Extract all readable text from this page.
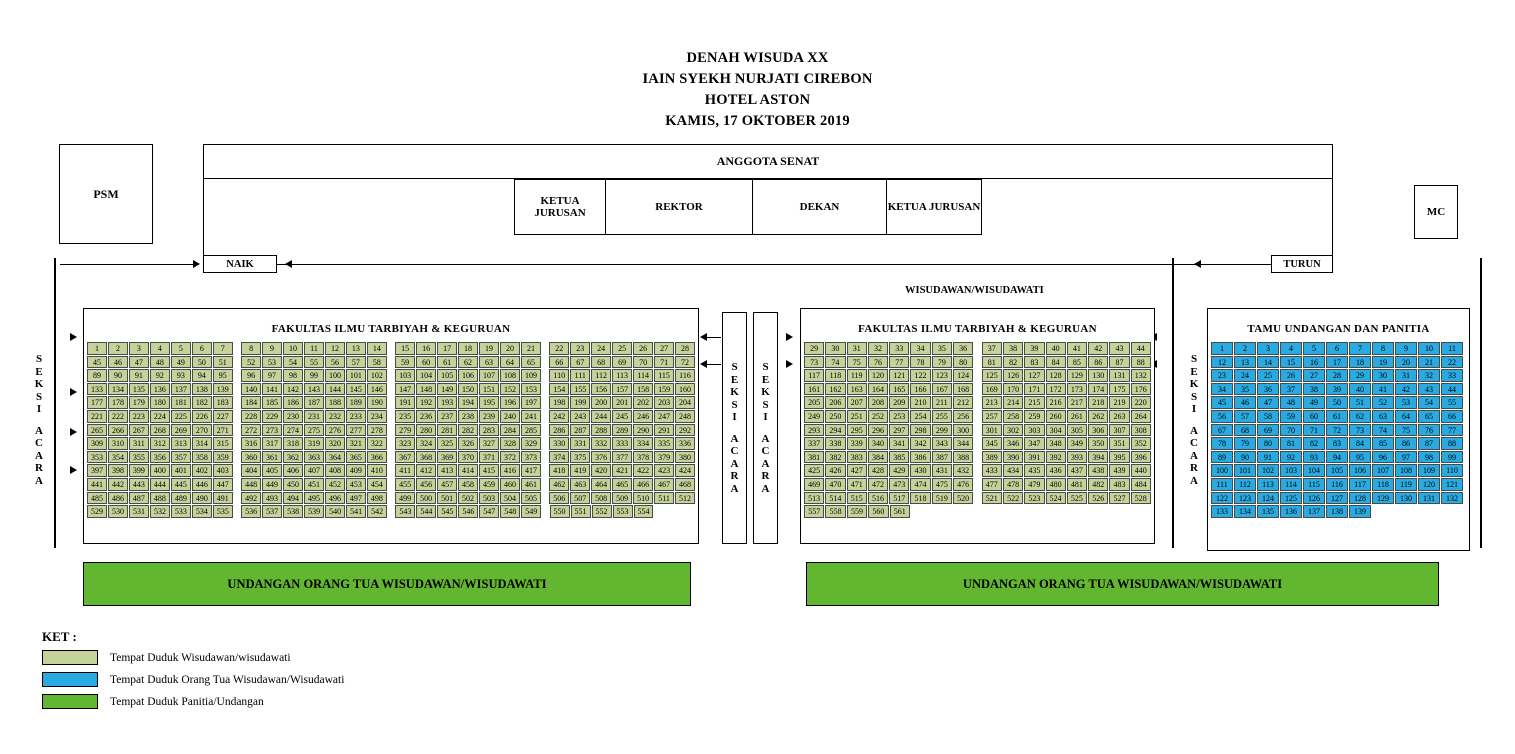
DENAH WISUDA XX
IAIN SYEKH NURJATI CIREBON
HOTEL ASTON
KAMIS, 17 OKTOBER 2019
PSM
MC
ANGGOTA SENAT
KETUA JURUSAN	REKTOR	DEKAN	KETUA JURUSAN
NAIK	TURUN
WISUDAWAN/WISUDAWATI
S
E
K
S
I
A
C
A
R
A
S
E
K
S
I
A
C
A
R
A
S
E
K
S
I
A
C
A
R
A
S
E
K
S
I
A
C
A
R
A
FAKULTAS ILMU TARBIYAH & KEGURUAN
1	2	3	4	5	6	7	8	9	10	11	12	13	14	15	16	17	18	19	20	21	22	23	24	25	26	27	28
45	46	47	48	49	50	51	52	53	54	55	56	57	58	59	60	61	62	63	64	65	66	67	68	69	70	71	72
89	90	91	92	93	94	95	96	97	98	99	100	101	102	103	104	105	106	107	108	109	110	111	112	113	114	115	116
133	134	135	136	137	138	139	140	141	142	143	144	145	146	147	148	149	150	151	152	153	154	155	156	157	158	159	160
177	178	179	180	181	182	183	184	185	186	187	188	189	190	191	192	193	194	195	196	197	198	199	200	201	202	203	204
221	222	223	224	225	226	227	228	229	230	231	232	233	234	235	236	237	238	239	240	241	242	243	244	245	246	247	248
265	266	267	268	269	270	271	272	273	274	275	276	277	278	279	280	281	282	283	284	285	286	287	288	289	290	291	292
309	310	311	312	313	314	315	316	317	318	319	320	321	322	323	324	325	326	327	328	329	330	331	332	333	334	335	336
353	354	355	356	357	358	359	360	361	362	363	364	365	366	367	368	369	370	371	372	373	374	375	376	377	378	379	380
397	398	399	400	401	402	403	404	405	406	407	408	409	410	411	412	413	414	415	416	417	418	419	420	421	422	423	424
441	442	443	444	445	446	447	448	449	450	451	452	453	454	455	456	457	458	459	460	461	462	463	464	465	466	467	468
485	486	487	488	489	490	491	492	493	494	495	496	497	498	499	500	501	502	503	504	505	506	507	508	509	510	511	512
529	530	531	532	533	534	535	536	537	538	539	540	541	542	543	544	545	546	547	548	549	550	551	552	553	554
FAKULTAS ILMU TARBIYAH & KEGURUAN
29	30	31	32	33	34	35	36	37	38	39	40	41	42	43	44
73	74	75	76	77	78	79	80	81	82	83	84	85	86	87	88
117	118	119	120	121	122	123	124	125	126	127	128	129	130	131	132
161	162	163	164	165	166	167	168	169	170	171	172	173	174	175	176
205	206	207	208	209	210	211	212	213	214	215	216	217	218	219	220
249	250	251	252	253	254	255	256	257	258	259	260	261	262	263	264
293	294	295	296	297	298	299	300	301	302	303	304	305	306	307	308
337	338	339	340	341	342	343	344	345	346	347	348	349	350	351	352
381	382	383	384	385	386	387	388	389	390	391	392	393	394	395	396
425	426	427	428	429	430	431	432	433	434	435	436	437	438	439	440
469	470	471	472	473	474	475	476	477	478	479	480	481	482	483	484
513	514	515	516	517	518	519	520	521	522	523	524	525	526	527	528
557	558	559	560	561
TAMU UNDANGAN DAN PANITIA
1	2	3	4	5	6	7	8	9	10	11
12	13	14	15	16	17	18	19	20	21	22
23	24	25	26	27	28	29	30	31	32	33
34	35	36	37	38	39	40	41	42	43	44
45	46	47	48	49	50	51	52	53	54	55
56	57	58	59	60	61	62	63	64	65	66
67	68	69	70	71	72	73	74	75	76	77
78	79	80	81	82	83	84	85	86	87	88
89	90	91	92	93	94	95	96	97	98	99
100	101	102	103	104	105	106	107	108	109	110
111	112	113	114	115	116	117	118	119	120	121
122	123	124	125	126	127	128	129	130	131	132
133	134	135	136	137	138	139
UNDANGAN ORANG TUA WISUDAWAN/WISUDAWATI	UNDANGAN ORANG TUA WISUDAWAN/WISUDAWATI
KET :
Tempat Duduk Wisudawan/wisudawati
Tempat Duduk Orang Tua Wisudawan/Wisudawati
Tempat Duduk Panitia/Undangan
